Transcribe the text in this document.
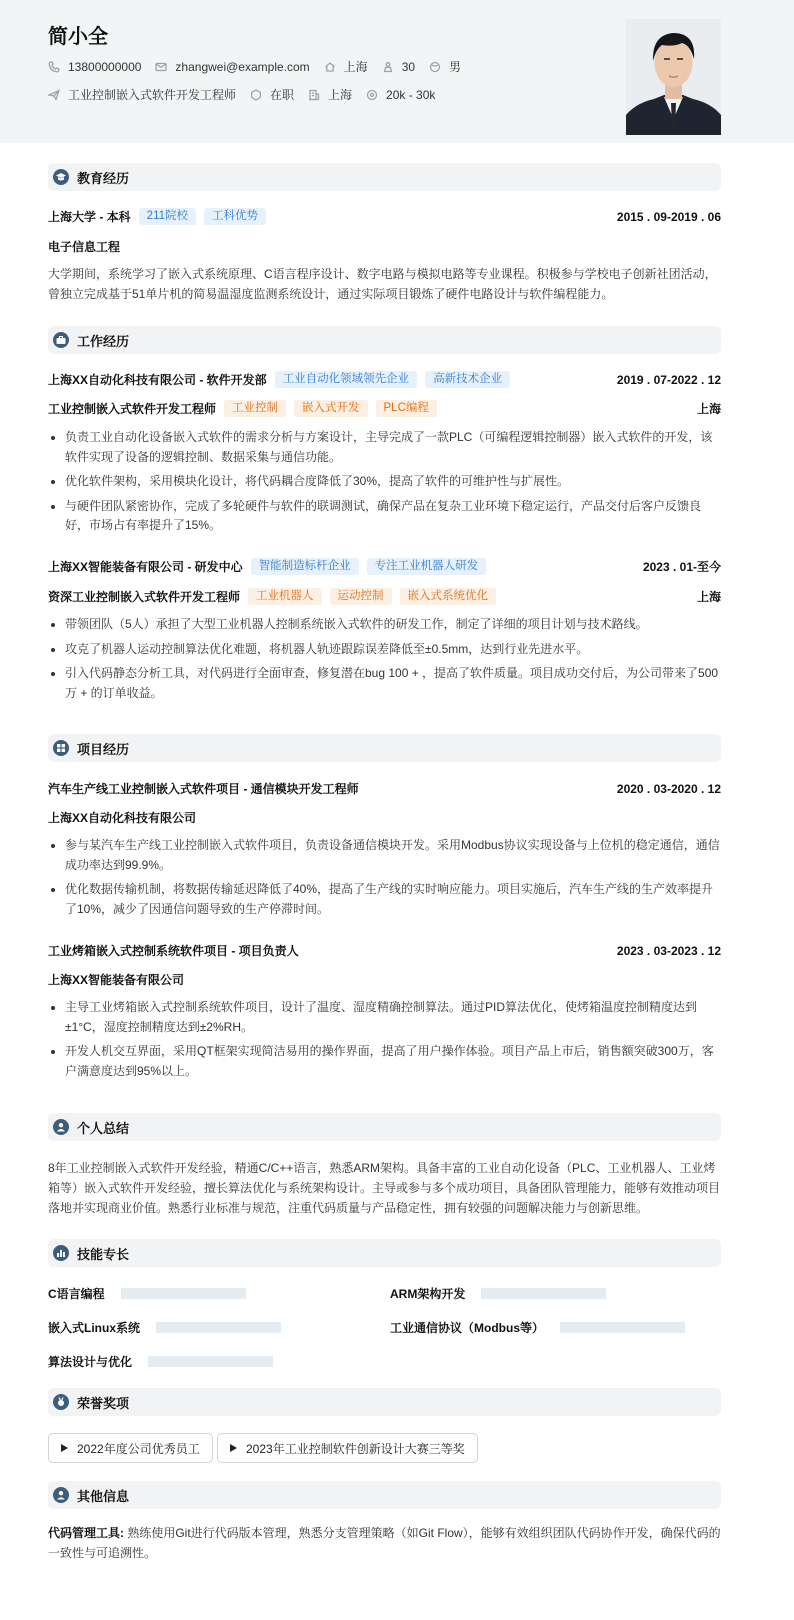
简小全
13800000000	zhangwei@example.com	上海	30	男
工业控制嵌入式软件开发工程师	在职	上海	20k - 30k
教育经历
上海大学 - 本科	211院校	工科优势	2015 . 09-2019 . 06
电子信息工程
大学期间，系统学习了嵌入式系统原理、C语言程序设计、数字电路与模拟电路等专业课程。积极参与学校电子创新社团活动，曾独立完成基于51单片机的简易温湿度监测系统设计，通过实际项目锻炼了硬件电路设计与软件编程能力。
工作经历
上海XX自动化科技有限公司 - 软件开发部	工业自动化领域领先企业	高新技术企业	2019 . 07-2022 . 12
工业控制嵌入式软件开发工程师	工业控制	嵌入式开发	PLC编程	上海
负责工业自动化设备嵌入式软件的需求分析与方案设计，主导完成了一款PLC（可编程逻辑控制器）嵌入式软件的开发，该软件实现了设备的逻辑控制、数据采集与通信功能。
优化软件架构，采用模块化设计，将代码耦合度降低了30%，提高了软件的可维护性与扩展性。
与硬件团队紧密协作，完成了多轮硬件与软件的联调测试，确保产品在复杂工业环境下稳定运行，产品交付后客户反馈良好，市场占有率提升了15%。
上海XX智能装备有限公司 - 研发中心	智能制造标杆企业	专注工业机器人研发	2023 . 01-至今
资深工业控制嵌入式软件开发工程师	工业机器人	运动控制	嵌入式系统优化	上海
带领团队（5人）承担了大型工业机器人控制系统嵌入式软件的研发工作，制定了详细的项目计划与技术路线。
攻克了机器人运动控制算法优化难题，将机器人轨迹跟踪误差降低至±0.5mm，达到行业先进水平。
引入代码静态分析工具，对代码进行全面审查，修复潜在bug 100 + ，提高了软件质量。项目成功交付后，为公司带来了500万 + 的订单收益。
项目经历
汽车生产线工业控制嵌入式软件项目 - 通信模块开发工程师	2020 . 03-2020 . 12
上海XX自动化科技有限公司
参与某汽车生产线工业控制嵌入式软件项目，负责设备通信模块开发。采用Modbus协议实现设备与上位机的稳定通信，通信成功率达到99.9%。
优化数据传输机制，将数据传输延迟降低了40%，提高了生产线的实时响应能力。项目实施后，汽车生产线的生产效率提升了10%，减少了因通信问题导致的生产停滞时间。
工业烤箱嵌入式控制系统软件项目 - 项目负责人	2023 . 03-2023 . 12
上海XX智能装备有限公司
主导工业烤箱嵌入式控制系统软件项目，设计了温度、湿度精确控制算法。通过PID算法优化，使烤箱温度控制精度达到±1°C，湿度控制精度达到±2%RH。
开发人机交互界面，采用QT框架实现简洁易用的操作界面，提高了用户操作体验。项目产品上市后，销售额突破300万，客户满意度达到95%以上。
个人总结
8年工业控制嵌入式软件开发经验，精通C/C++语言，熟悉ARM架构。具备丰富的工业自动化设备（PLC、工业机器人、工业烤箱等）嵌入式软件开发经验，擅长算法优化与系统架构设计。主导或参与多个成功项目，具备团队管理能力，能够有效推动项目落地并实现商业价值。熟悉行业标准与规范，注重代码质量与产品稳定性，拥有较强的问题解决能力与创新思维。
技能专长
C语言编程	ARM架构开发
嵌入式Linux系统	工业通信协议（Modbus等）
算法设计与优化
荣誉奖项
2022年度公司优秀员工	2023年工业控制软件创新设计大赛三等奖
其他信息
代码管理工具: 熟练使用Git进行代码版本管理，熟悉分支管理策略（如Git Flow），能够有效组织团队代码协作开发，确保代码的一致性与可追溯性。
